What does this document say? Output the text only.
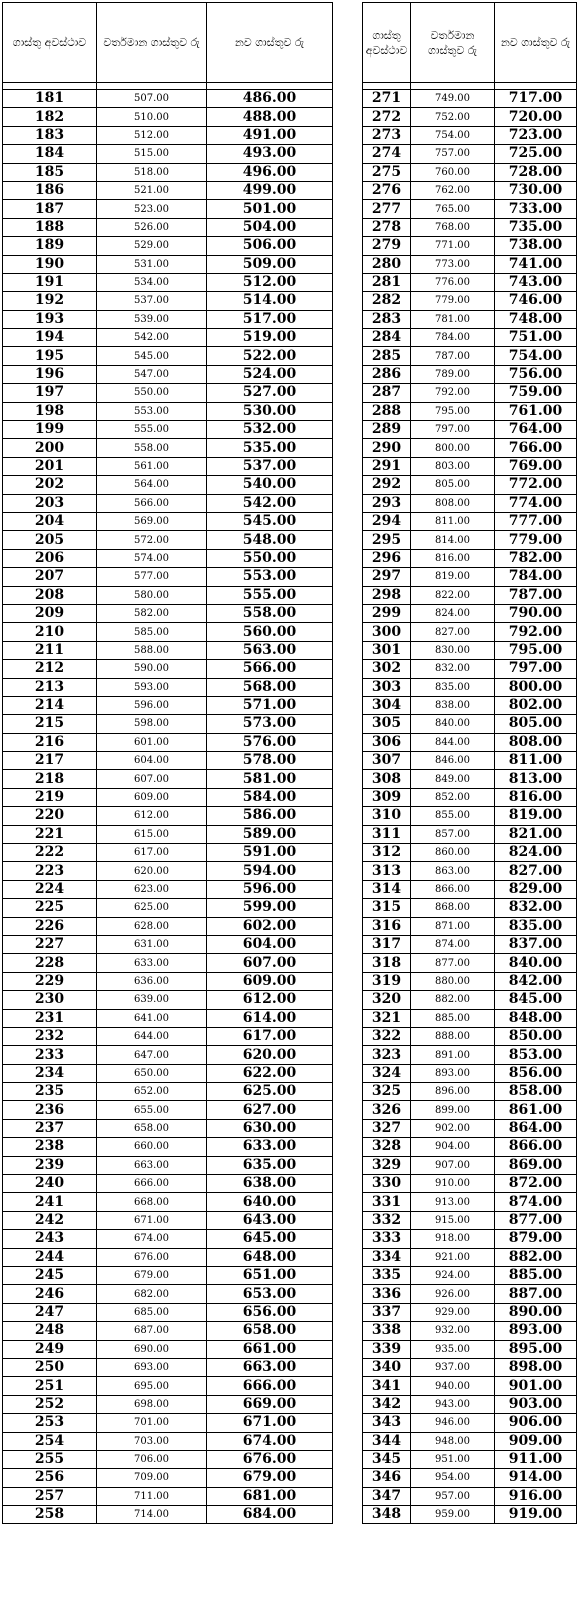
ගාස්තු අවස්ථාව	වර්තමාන ගාස්තුව රු	නව ගාස්තුව රු

181	507.00	486.00
182	510.00	488.00
183	512.00	491.00
184	515.00	493.00
185	518.00	496.00
186	521.00	499.00
187	523.00	501.00
188	526.00	504.00
189	529.00	506.00
190	531.00	509.00
191	534.00	512.00
192	537.00	514.00
193	539.00	517.00
194	542.00	519.00
195	545.00	522.00
196	547.00	524.00
197	550.00	527.00
198	553.00	530.00
199	555.00	532.00
200	558.00	535.00
201	561.00	537.00
202	564.00	540.00
203	566.00	542.00
204	569.00	545.00
205	572.00	548.00
206	574.00	550.00
207	577.00	553.00
208	580.00	555.00
209	582.00	558.00
210	585.00	560.00
211	588.00	563.00
212	590.00	566.00
213	593.00	568.00
214	596.00	571.00
215	598.00	573.00
216	601.00	576.00
217	604.00	578.00
218	607.00	581.00
219	609.00	584.00
220	612.00	586.00
221	615.00	589.00
222	617.00	591.00
223	620.00	594.00
224	623.00	596.00
225	625.00	599.00
226	628.00	602.00
227	631.00	604.00
228	633.00	607.00
229	636.00	609.00
230	639.00	612.00
231	641.00	614.00
232	644.00	617.00
233	647.00	620.00
234	650.00	622.00
235	652.00	625.00
236	655.00	627.00
237	658.00	630.00
238	660.00	633.00
239	663.00	635.00
240	666.00	638.00
241	668.00	640.00
242	671.00	643.00
243	674.00	645.00
244	676.00	648.00
245	679.00	651.00
246	682.00	653.00
247	685.00	656.00
248	687.00	658.00
249	690.00	661.00
250	693.00	663.00
251	695.00	666.00
252	698.00	669.00
253	701.00	671.00
254	703.00	674.00
255	706.00	676.00
256	709.00	679.00
257	711.00	681.00
258	714.00	684.00
ගාස්තු අවස්ථාව	වර්තමාන ගාස්තුව රු	නව ගාස්තුව රු

271	749.00	717.00
272	752.00	720.00
273	754.00	723.00
274	757.00	725.00
275	760.00	728.00
276	762.00	730.00
277	765.00	733.00
278	768.00	735.00
279	771.00	738.00
280	773.00	741.00
281	776.00	743.00
282	779.00	746.00
283	781.00	748.00
284	784.00	751.00
285	787.00	754.00
286	789.00	756.00
287	792.00	759.00
288	795.00	761.00
289	797.00	764.00
290	800.00	766.00
291	803.00	769.00
292	805.00	772.00
293	808.00	774.00
294	811.00	777.00
295	814.00	779.00
296	816.00	782.00
297	819.00	784.00
298	822.00	787.00
299	824.00	790.00
300	827.00	792.00
301	830.00	795.00
302	832.00	797.00
303	835.00	800.00
304	838.00	802.00
305	840.00	805.00
306	844.00	808.00
307	846.00	811.00
308	849.00	813.00
309	852.00	816.00
310	855.00	819.00
311	857.00	821.00
312	860.00	824.00
313	863.00	827.00
314	866.00	829.00
315	868.00	832.00
316	871.00	835.00
317	874.00	837.00
318	877.00	840.00
319	880.00	842.00
320	882.00	845.00
321	885.00	848.00
322	888.00	850.00
323	891.00	853.00
324	893.00	856.00
325	896.00	858.00
326	899.00	861.00
327	902.00	864.00
328	904.00	866.00
329	907.00	869.00
330	910.00	872.00
331	913.00	874.00
332	915.00	877.00
333	918.00	879.00
334	921.00	882.00
335	924.00	885.00
336	926.00	887.00
337	929.00	890.00
338	932.00	893.00
339	935.00	895.00
340	937.00	898.00
341	940.00	901.00
342	943.00	903.00
343	946.00	906.00
344	948.00	909.00
345	951.00	911.00
346	954.00	914.00
347	957.00	916.00
348	959.00	919.00
